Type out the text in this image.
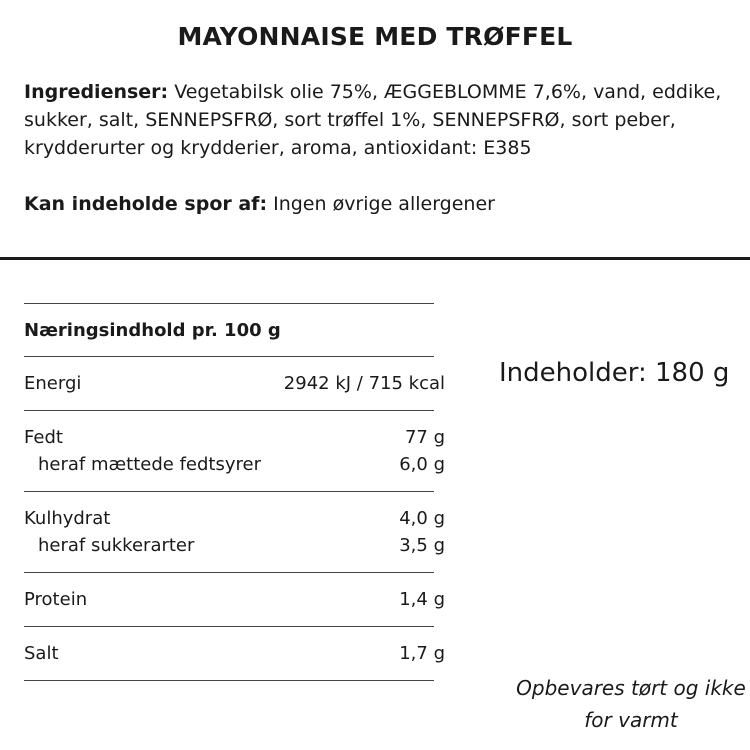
MAYONNAISE MED TRØFFEL
Ingredienser: Vegetabilsk olie 75%, ÆGGEBLOMME 7,6%, vand, eddike, sukker, salt, SENNEPSFRØ, sort trøffel 1%, SENNEPSFRØ, sort peber, krydderurter og krydderier, aroma, antioxidant: E385
Kan indeholde spor af: Ingen øvrige allergener
Næringsindhold pr. 100 g
Energi	2942 kJ / 715 kcal
Fedt	77 g
heraf mættede fedtsyrer	6,0 g
Kulhydrat	4,0 g
heraf sukkerarter	3,5 g
Protein	1,4 g
Salt	1,7 g
Indeholder: 180 g
Opbevares tørt og ikke for varmt
